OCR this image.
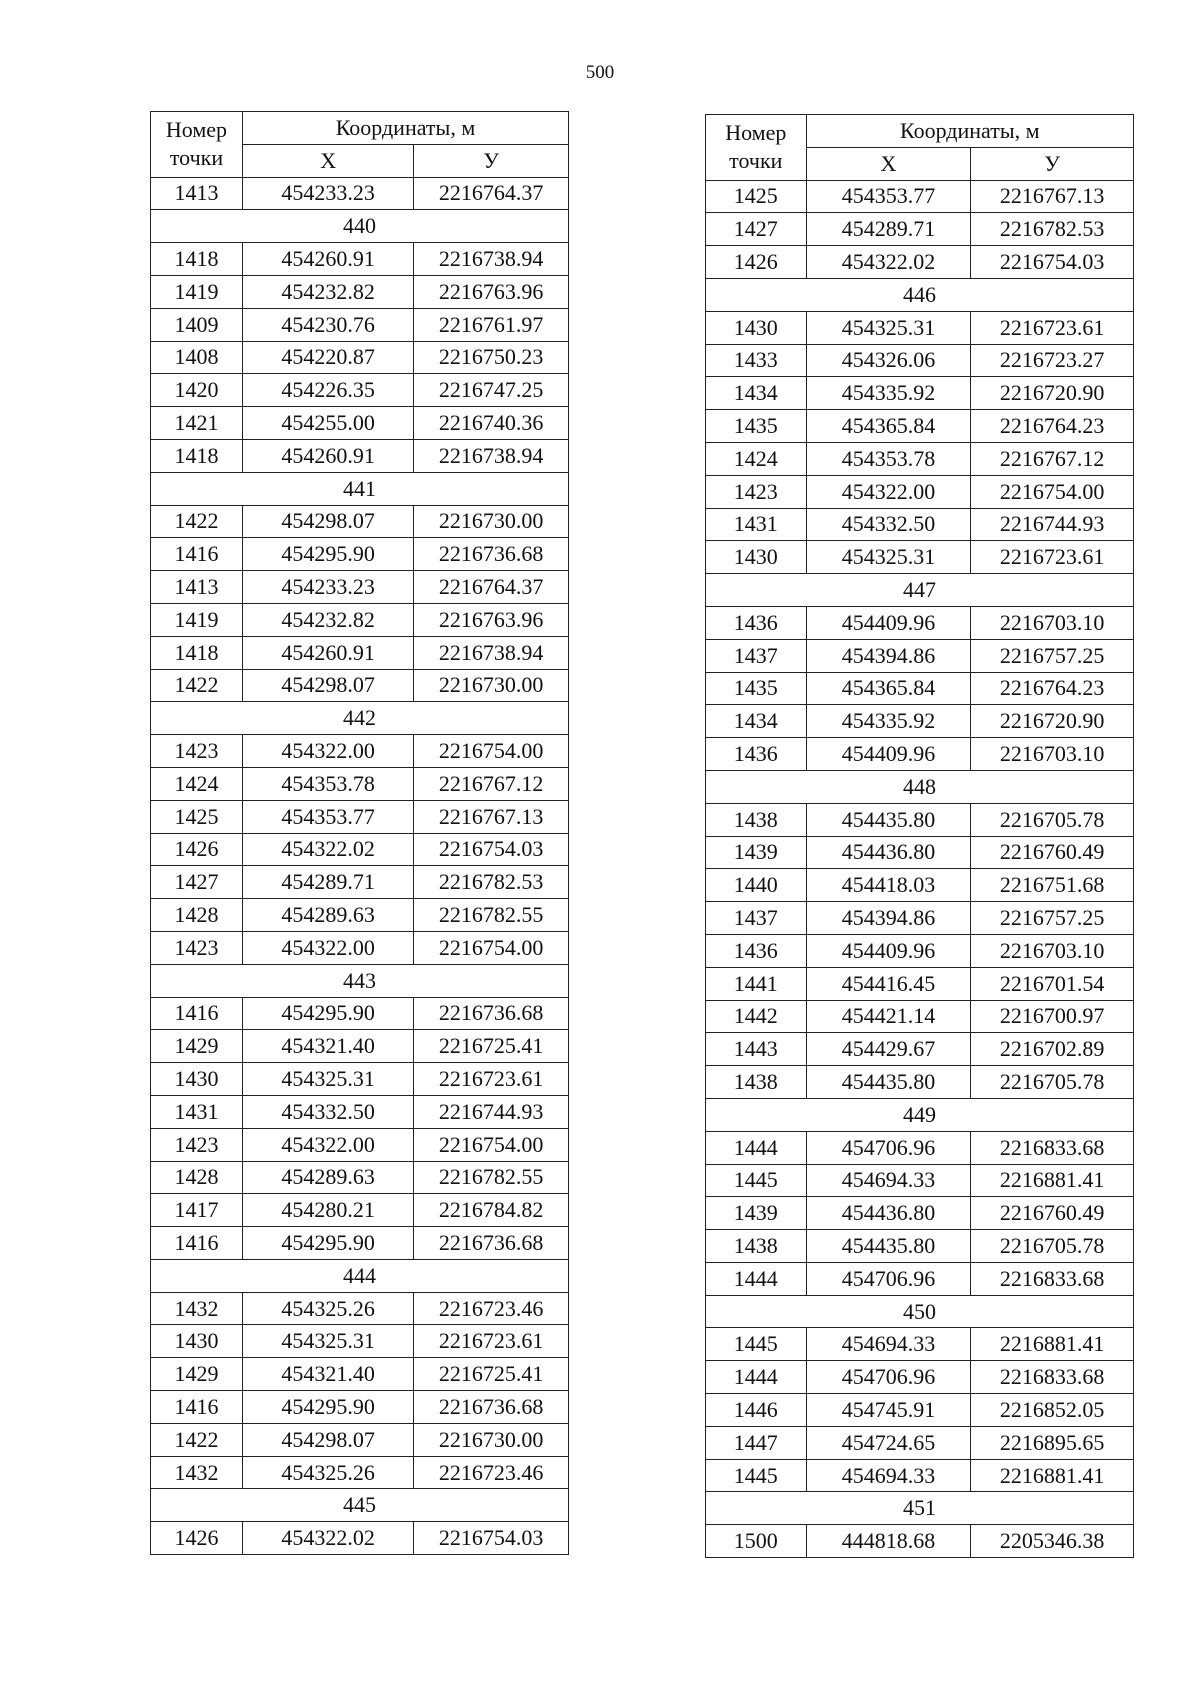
500
Номер точки	Координаты, м	
	X	У
1413	454233.23	2216764.37
440		
1418	454260.91	2216738.94
1419	454232.82	2216763.96
1409	454230.76	2216761.97
1408	454220.87	2216750.23
1420	454226.35	2216747.25
1421	454255.00	2216740.36
1418	454260.91	2216738.94
441		
1422	454298.07	2216730.00
1416	454295.90	2216736.68
1413	454233.23	2216764.37
1419	454232.82	2216763.96
1418	454260.91	2216738.94
1422	454298.07	2216730.00
442		
1423	454322.00	2216754.00
1424	454353.78	2216767.12
1425	454353.77	2216767.13
1426	454322.02	2216754.03
1427	454289.71	2216782.53
1428	454289.63	2216782.55
1423	454322.00	2216754.00
443		
1416	454295.90	2216736.68
1429	454321.40	2216725.41
1430	454325.31	2216723.61
1431	454332.50	2216744.93
1423	454322.00	2216754.00
1428	454289.63	2216782.55
1417	454280.21	2216784.82
1416	454295.90	2216736.68
444		
1432	454325.26	2216723.46
1430	454325.31	2216723.61
1429	454321.40	2216725.41
1416	454295.90	2216736.68
1422	454298.07	2216730.00
1432	454325.26	2216723.46
445		
1426	454322.02	2216754.03
Номер точки	Координаты, м	
	X	У
1425	454353.77	2216767.13
1427	454289.71	2216782.53
1426	454322.02	2216754.03
446		
1430	454325.31	2216723.61
1433	454326.06	2216723.27
1434	454335.92	2216720.90
1435	454365.84	2216764.23
1424	454353.78	2216767.12
1423	454322.00	2216754.00
1431	454332.50	2216744.93
1430	454325.31	2216723.61
447		
1436	454409.96	2216703.10
1437	454394.86	2216757.25
1435	454365.84	2216764.23
1434	454335.92	2216720.90
1436	454409.96	2216703.10
448		
1438	454435.80	2216705.78
1439	454436.80	2216760.49
1440	454418.03	2216751.68
1437	454394.86	2216757.25
1436	454409.96	2216703.10
1441	454416.45	2216701.54
1442	454421.14	2216700.97
1443	454429.67	2216702.89
1438	454435.80	2216705.78
449		
1444	454706.96	2216833.68
1445	454694.33	2216881.41
1439	454436.80	2216760.49
1438	454435.80	2216705.78
1444	454706.96	2216833.68
450		
1445	454694.33	2216881.41
1444	454706.96	2216833.68
1446	454745.91	2216852.05
1447	454724.65	2216895.65
1445	454694.33	2216881.41
451		
1500	444818.68	2205346.38
